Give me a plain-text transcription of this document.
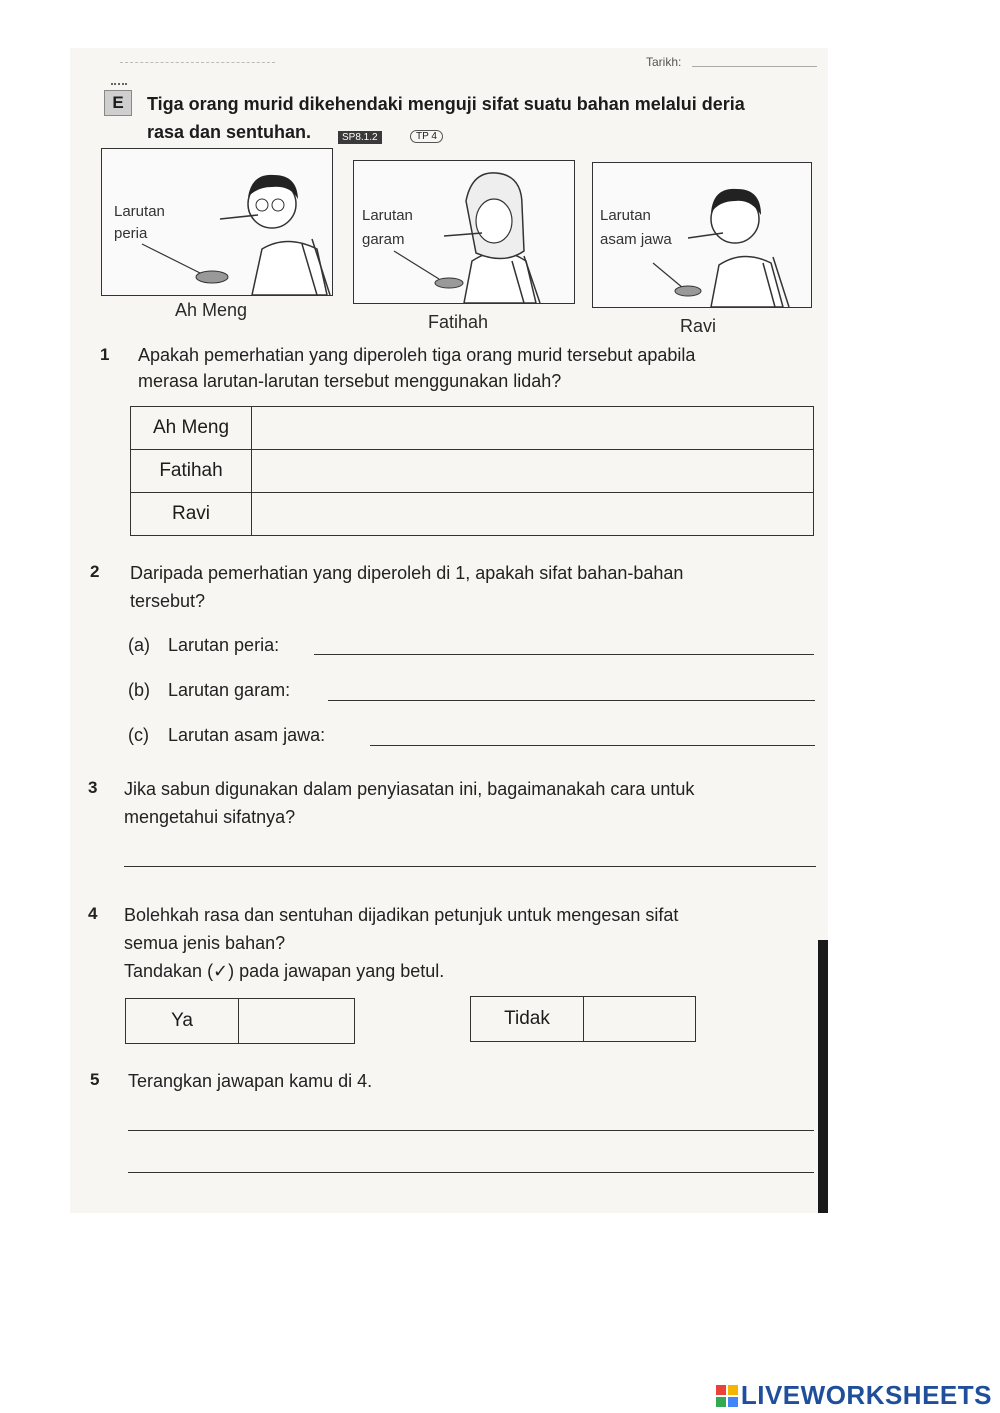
Tarikh:
E	Tiga orang murid dikehendaki menguji sifat suatu bahan melalui deria
rasa dan sentuhan.	SP8.1.2	TP 4
Larutan
peria
Ah Meng
Larutan
garam
Fatihah
Larutan
asam jawa
Ravi
1 Apakah pemerhatian yang diperoleh tiga orang murid tersebut apabila
merasa larutan-larutan tersebut menggunakan lidah?
Ah Meng	
Fatihah	
Ravi	
2 Daripada pemerhatian yang diperoleh di 1, apakah sifat bahan-bahan
tersebut?
(a) Larutan peria:
(b) Larutan garam:
(c) Larutan asam jawa:
3 Jika sabun digunakan dalam penyiasatan ini, bagaimanakah cara untuk
mengetahui sifatnya?
4 Bolehkah rasa dan sentuhan dijadikan petunjuk untuk mengesan sifat
semua jenis bahan?
Tandakan (✓) pada jawapan yang betul.
Ya	Tidak
5 Terangkan jawapan kamu di 4.
LIVEWORKSHEETS
